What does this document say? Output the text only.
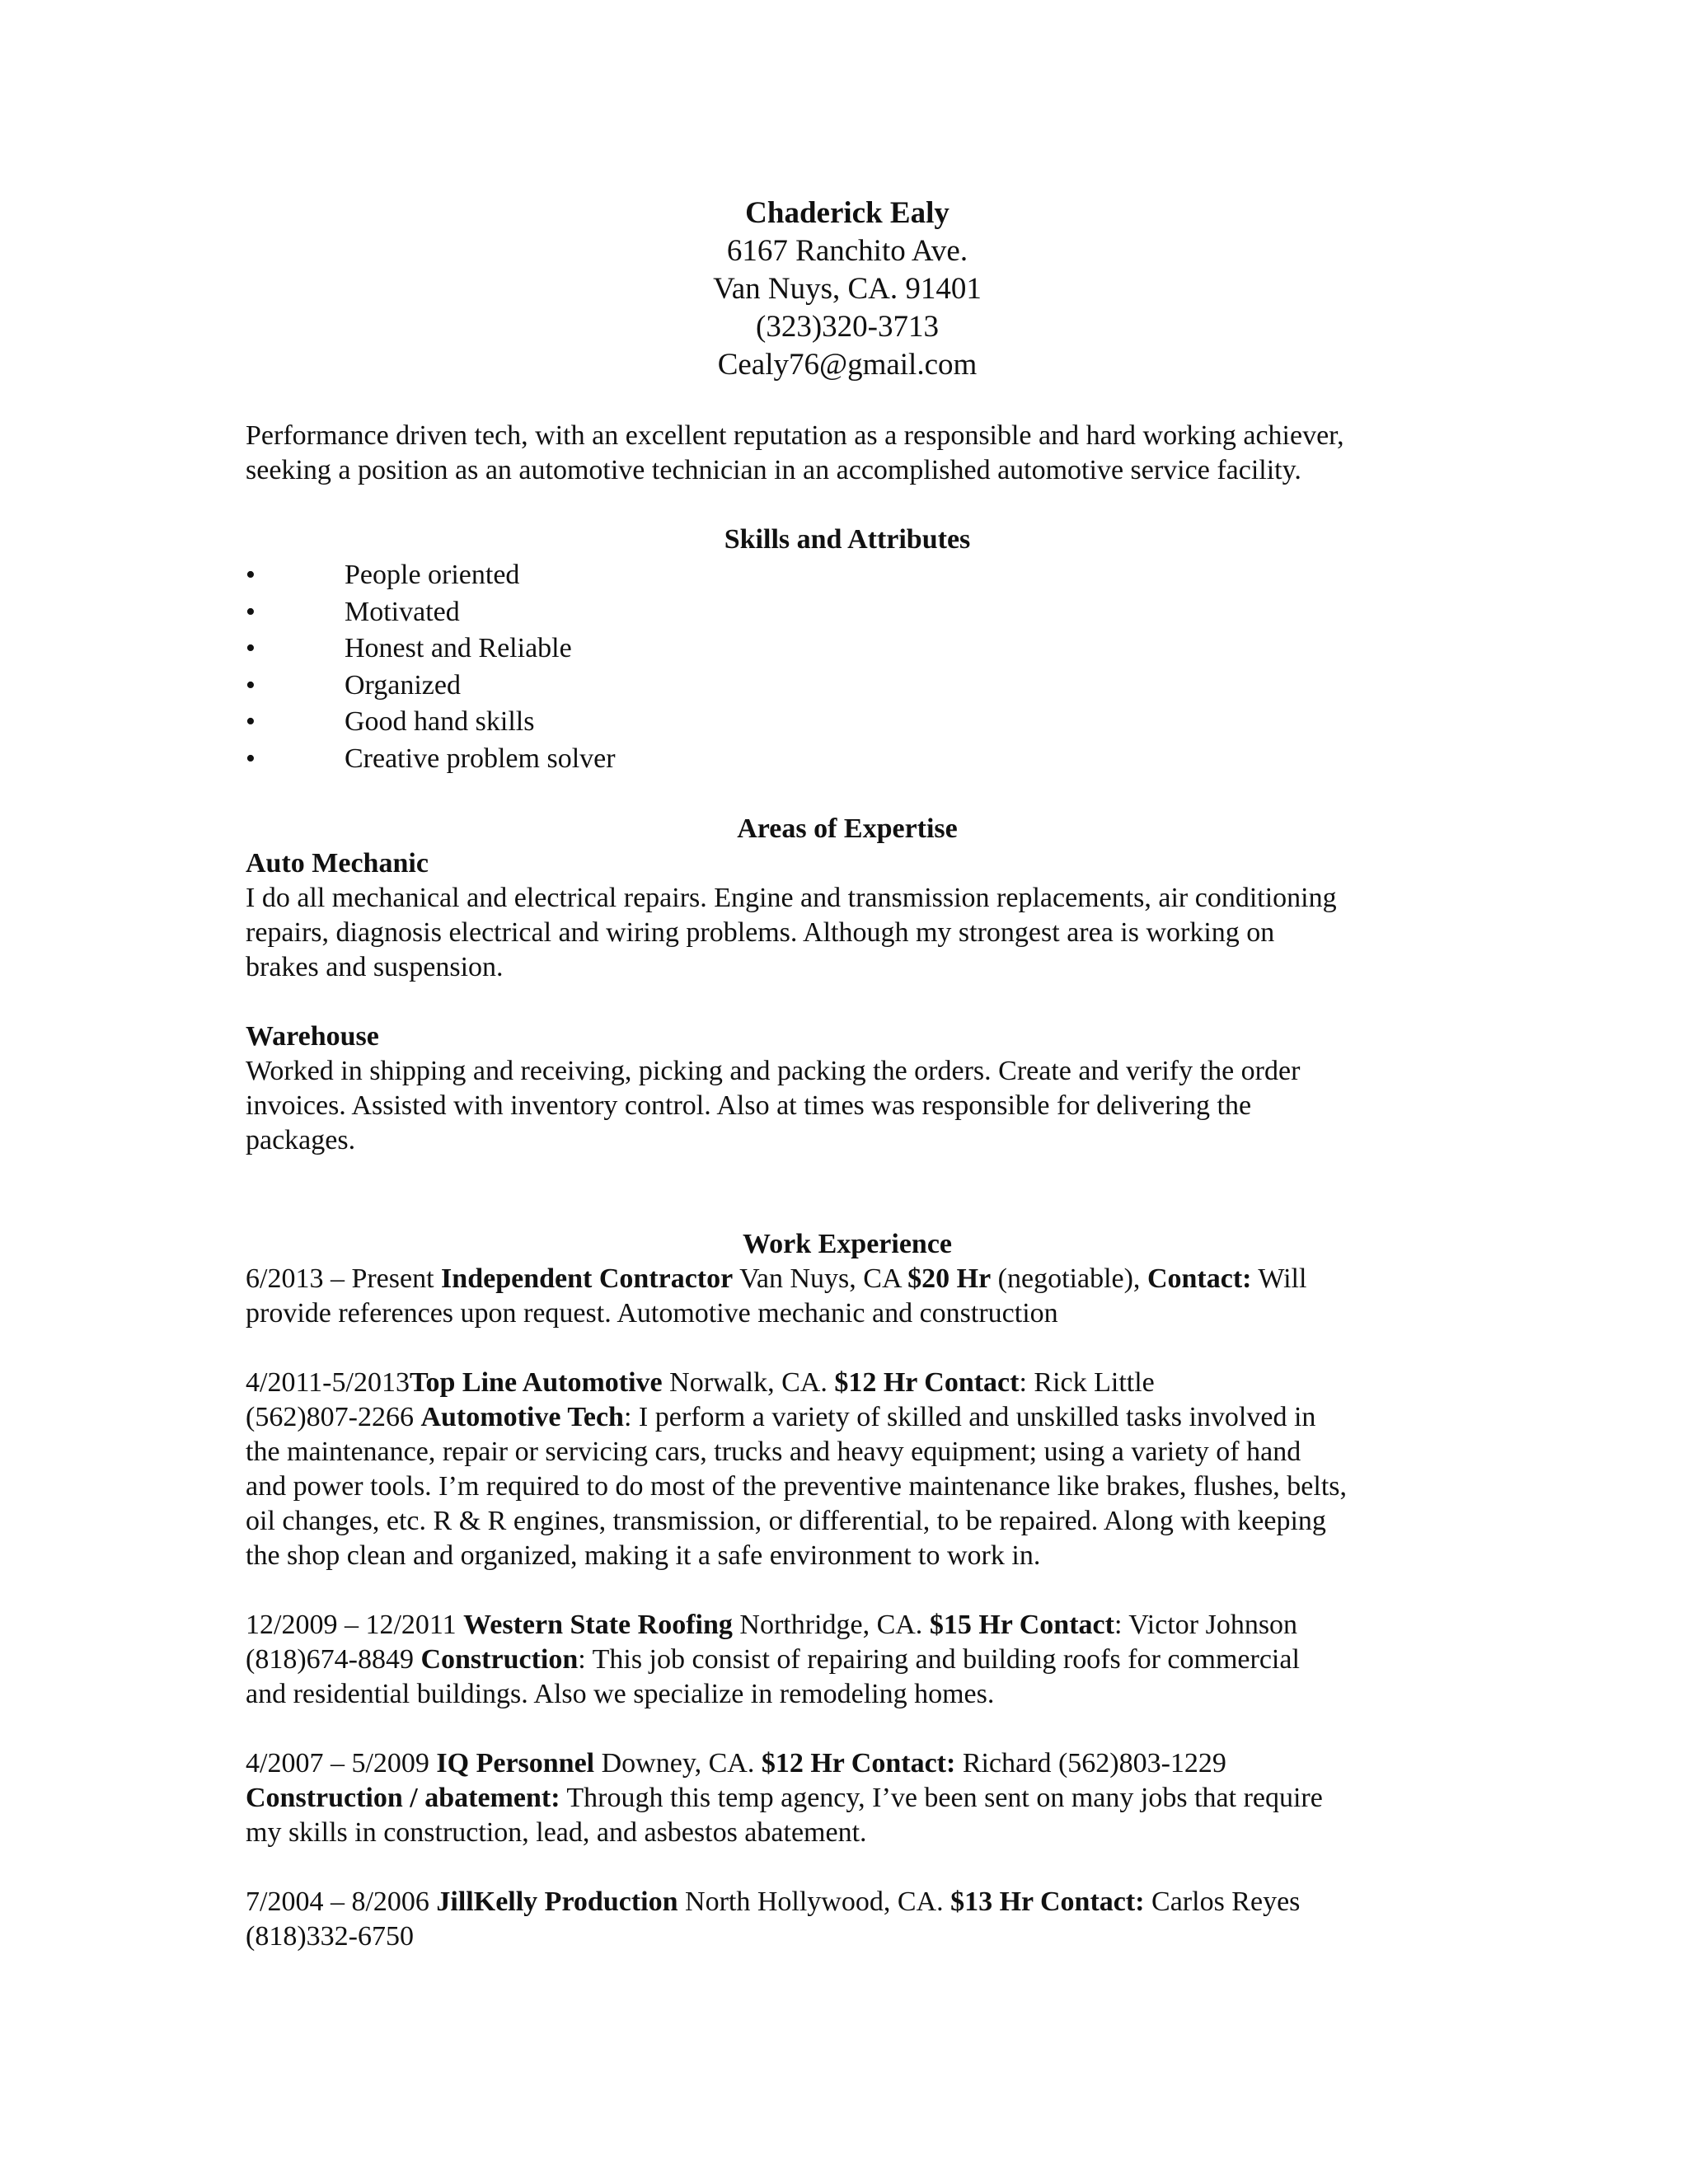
Chaderick Ealy
6167 Ranchito Ave.
Van Nuys, CA. 91401
(323)320-3713
Cealy76@gmail.com
Performance driven tech, with an excellent reputation as a responsible and hard working achiever,
seeking a position as an automotive technician in an accomplished automotive service facility.
Skills and Attributes
•	People oriented
•	Motivated
•	Honest and Reliable
•	Organized
•	Good hand skills
•	Creative problem solver
Areas of Expertise
Auto Mechanic
I do all mechanical and electrical repairs. Engine and transmission replacements, air conditioning
repairs, diagnosis electrical and wiring problems. Although my strongest area is working on
brakes and suspension.
Warehouse
Worked in shipping and receiving, picking and packing the orders. Create and verify the order
invoices. Assisted with inventory control. Also at times was responsible for delivering the
packages.
Work Experience
6/2013 – Present Independent Contractor Van Nuys, CA $20 Hr (negotiable), Contact: Will
provide references upon request. Automotive mechanic and construction
4/2011-5/2013Top Line Automotive Norwalk, CA. $12 Hr Contact: Rick Little
(562)807-2266 Automotive Tech: I perform a variety of skilled and unskilled tasks involved in
the maintenance, repair or servicing cars, trucks and heavy equipment; using a variety of hand
and power tools. I’m required to do most of the preventive maintenance like brakes, flushes, belts,
oil changes, etc. R & R engines, transmission, or differential, to be repaired. Along with keeping
the shop clean and organized, making it a safe environment to work in.
12/2009 – 12/2011 Western State Roofing Northridge, CA. $15 Hr Contact: Victor Johnson
(818)674-8849 Construction: This job consist of repairing and building roofs for commercial
and residential buildings. Also we specialize in remodeling homes.
4/2007 – 5/2009 IQ Personnel Downey, CA. $12 Hr Contact: Richard (562)803-1229
Construction / abatement: Through this temp agency, I’ve been sent on many jobs that require
my skills in construction, lead, and asbestos abatement.
7/2004 – 8/2006 JillKelly Production North Hollywood, CA. $13 Hr Contact: Carlos Reyes
(818)332-6750
